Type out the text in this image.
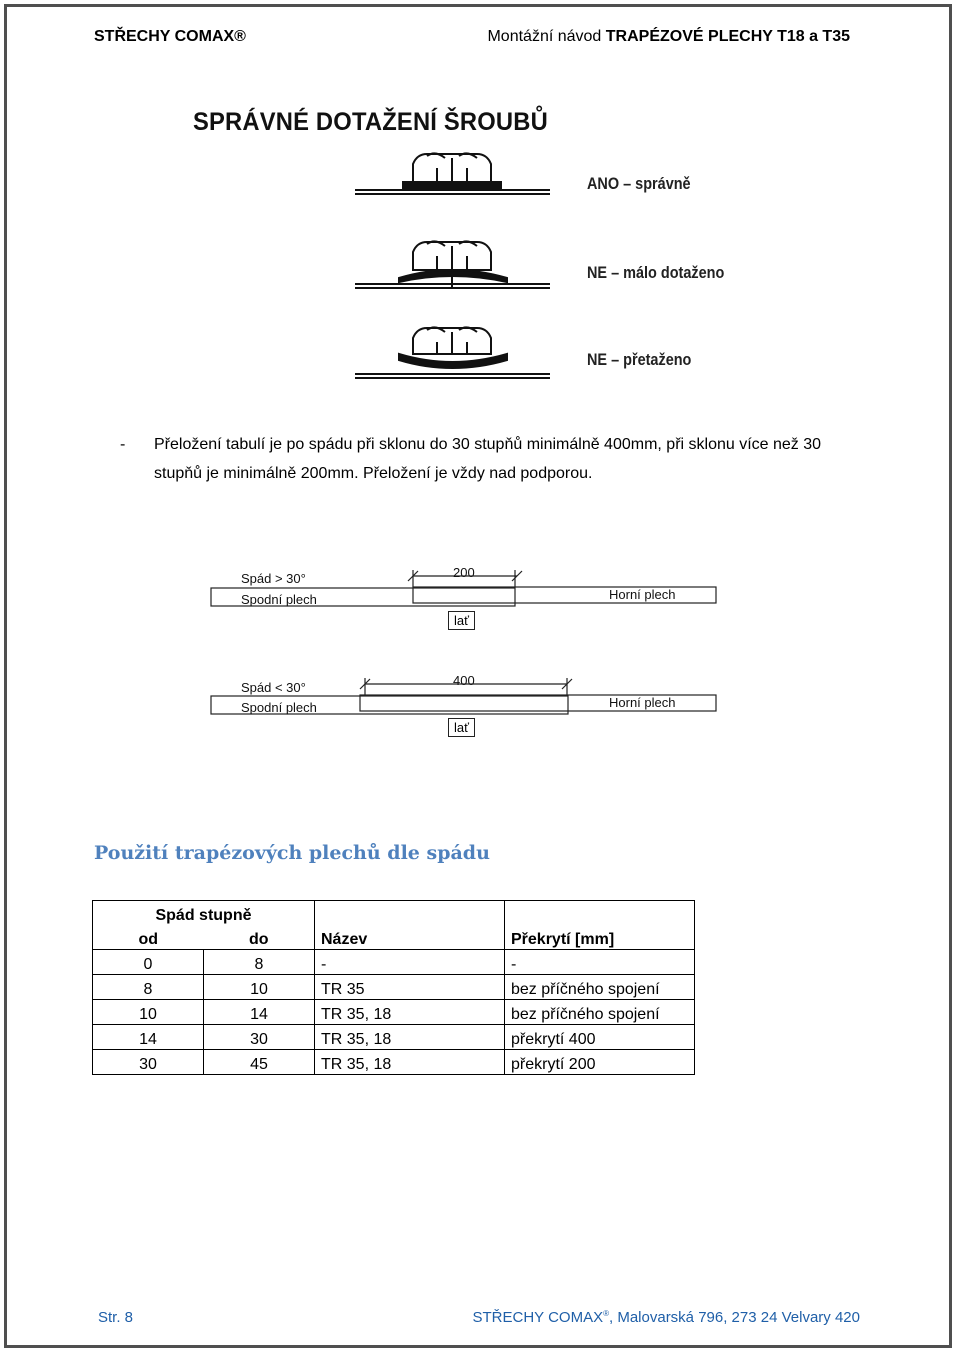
STŘECHY COMAX®	Montážní návod TRAPÉZOVÉ PLECHY T18 a T35
SPRÁVNÉ DOTAŽENÍ ŠROUBŮ
ANO – správně
NE – málo dotaženo
NE – přetaženo
- Přeložení tabulí je po spádu při sklonu do 30 stupňů minimálně 400mm, při sklonu více než 30 stupňů je minimálně 200mm. Přeložení je vždy nad podporou.
Spád > 30°
Spodní plech
200
Horní plech
lať
Spád < 30°
Spodní plech
400
Horní plech
lať
Použití trapézových plechů dle spádu
Spád stupně			
od	do	Název	Překrytí [mm]
0	8	-	-
8	10	TR 35	bez příčného spojení
10	14	TR 35, 18	bez příčného spojení
14	30	TR 35, 18	překrytí 400
30	45	TR 35, 18	překrytí 200
Str. 8	STŘECHY COMAX®, Malovarská 796, 273 24 Velvary 420
